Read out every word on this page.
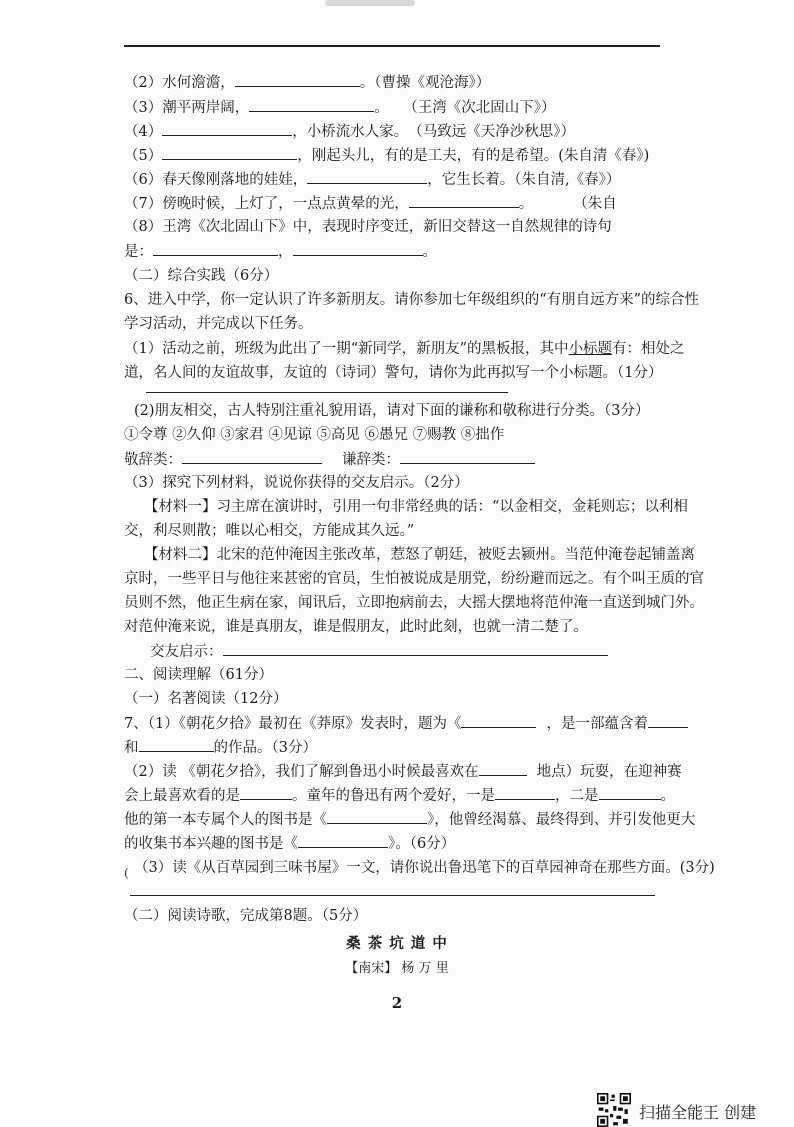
（2）水何澹澹，	。（曹操《观沧海》）
（3）潮平两岸阔，	。　　（王湾《次北固山下》）
（4）	，小桥流水人家。　（马致远《天净沙秋思》）
（5）	，刚起头儿，有的是工夫，有的是希望。(朱自清《春》)
（6）春天像刚落地的娃娃，	，它生长着。（朱自清,《春》）
（7）傍晚时候，上灯了，一点点黄晕的光，	。	（朱自
（8）王湾《次北固山下》中，表现时序变迁，新旧交替这一自然规律的诗句
是：	，	。
（二）综合实践（6分）
6、进入中学，你一定认识了许多新朋友。请你参加七年级组织的“有朋自远方来”的综合性
学习活动，并完成以下任务。
（1）活动之前，班级为此出了一期“新同学，新朋友”的黑板报，其中小标题有：相处之
道，名人间的友谊故事，友谊的（诗词）警句，请你为此再拟写一个小标题。（1分）
(2)朋友相交，古人特别注重礼貌用语，请对下面的谦称和敬称进行分类。（3分）
①令尊 ②久仰 ③家君 ④见谅 ⑤高见 ⑥愚兄 ⑦赐教 ⑧拙作
敬辞类：	谦辞类：
（3）探究下列材料，说说你获得的交友启示。（2分）
【材料一】习主席在演讲时，引用一句非常经典的话：“以金相交，金耗则忘；以利相
交，利尽则散；唯以心相交，方能成其久远。”
【材料二】北宋的范仲淹因主张改革，惹怒了朝廷，被贬去颍州。当范仲淹卷起铺盖离
京时，一些平日与他往来甚密的官员，生怕被说成是朋党，纷纷避而远之。有个叫王质的官
员则不然，他正生病在家，闻讯后，立即抱病前去，大摇大摆地将范仲淹一直送到城门外。
对范仲淹来说，谁是真朋友，谁是假朋友，此时此刻，也就一清二楚了。
交友启示：
二、阅读理解（61分）
（一）名著阅读（12分）
7、（1）《朝花夕拾》最初在《莽原》发表时，题为《	，是一部蕴含着
和	的作品。（3分）
（2）读 《朝花夕拾》，我们了解到鲁迅小时候最喜欢在	地点）玩耍，在迎神赛
会上最喜欢看的是	。童年的鲁迅有两个爱好，一是	，二是	。
他的第一本专属个人的图书是《	》，他曾经渴慕、最终得到、并引发他更大
的收集书本兴趣的图书是《	》。（6分）
( （3）读《从百草园到三味书屋》一文，请你说出鲁迅笔下的百草园神奇在那些方面。(3分)
（二）阅读诗歌，完成第8题。（5分）
桑 茶 坑 道 中
【南宋】 杨 万 里
2
扫描全能王 创建
